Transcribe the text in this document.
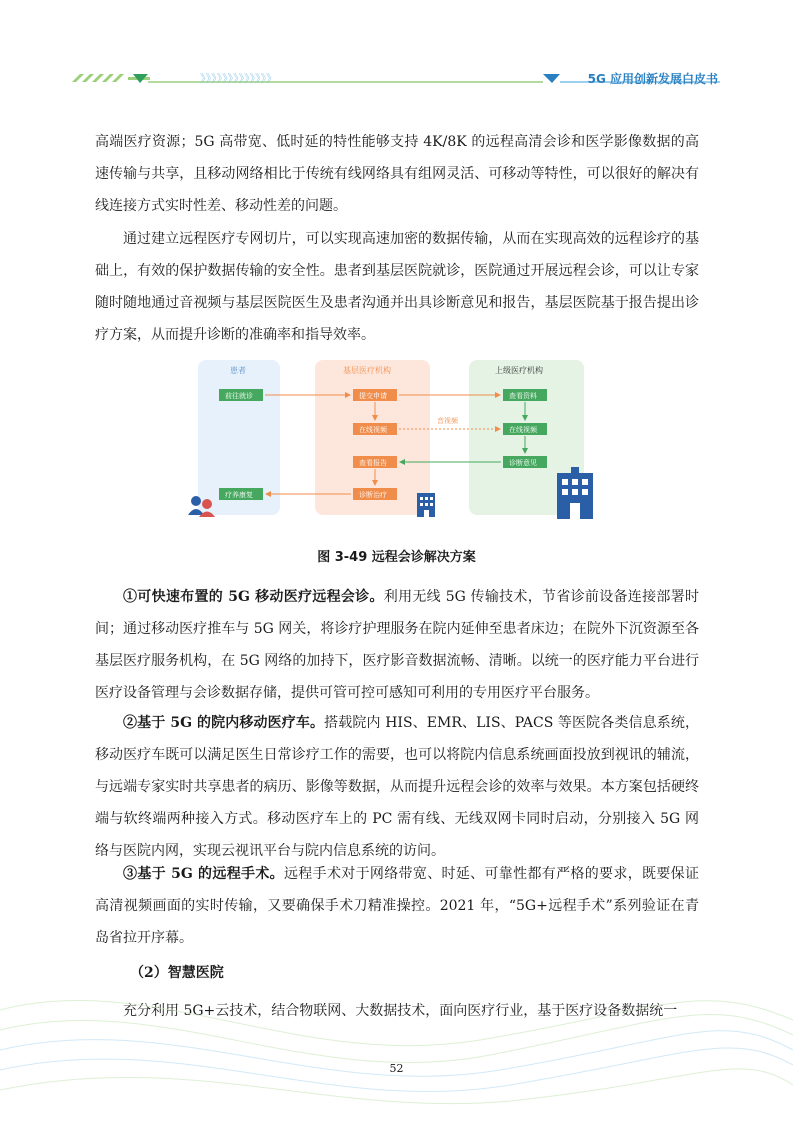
》》》》》》》》》》》》》	5G 应用创新发展白皮书

高端医疗资源；5G 高带宽、低时延的特性能够支持 4K/8K 的远程高清会诊和医学影像数据的高速传输与共享，且移动网络相比于传统有线网络具有组网灵活、可移动等特性，可以很好的解决有线连接方式实时性差、移动性差的问题。

通过建立远程医疗专网切片，可以实现高速加密的数据传输，从而在实现高效的远程诊疗的基础上，有效的保护数据传输的安全性。患者到基层医院就诊，医院通过开展远程会诊，可以让专家随时随地通过音视频与基层医院医生及患者沟通并出具诊断意见和报告，基层医院基于报告提出诊疗方案，从而提升诊断的准确率和指导效率。

患者	基层医疗机构	上级医疗机构
前往就诊
疗养康复
提交申请
在线视频
查看报告
诊断治疗
查看资料
在线视频
诊断意见
音视频
图 3-49 远程会诊解决方案

①可快速布置的 5G 移动医疗远程会诊。利用无线 5G 传输技术，节省诊前设备连接部署时间；通过移动医疗推车与 5G 网关，将诊疗护理服务在院内延伸至患者床边；在院外下沉资源至各基层医疗服务机构，在 5G 网络的加持下，医疗影音数据流畅、清晰。以统一的医疗能力平台进行医疗设备管理与会诊数据存储，提供可管可控可感知可利用的专用医疗平台服务。

②基于 5G 的院内移动医疗车。搭载院内 HIS、EMR、LIS、PACS 等医院各类信息系统，移动医疗车既可以满足医生日常诊疗工作的需要，也可以将院内信息系统画面投放到视讯的辅流，与远端专家实时共享患者的病历、影像等数据，从而提升远程会诊的效率与效果。本方案包括硬终端与软终端两种接入方式。移动医疗车上的 PC 需有线、无线双网卡同时启动，分别接入 5G 网络与医院内网，实现云视讯平台与院内信息系统的访问。

③基于 5G 的远程手术。远程手术对于网络带宽、时延、可靠性都有严格的要求，既要保证高清视频画面的实时传输，又要确保手术刀精准操控。2021 年，“5G+远程手术”系列验证在青岛省拉开序幕。

（2）智慧医院

充分利用 5G+云技术，结合物联网、大数据技术，面向医疗行业，基于医疗设备数据统一

52
